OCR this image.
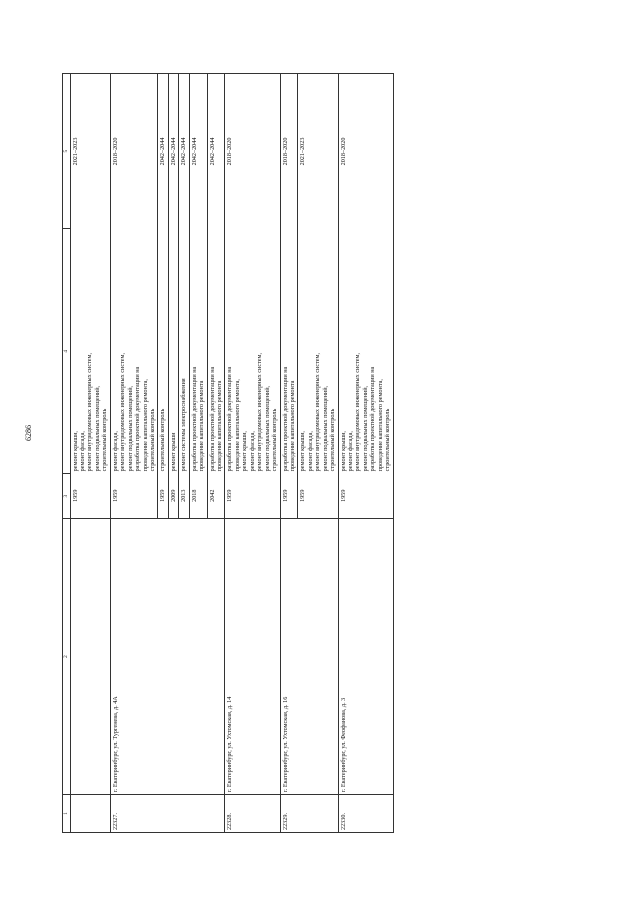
6286
1	2	3	4	5

1959	
ремонт крыши, ремонт фасада, ремонт внутридомовых инженерных систем, ремонт подвальных помещений, строительный контроль
	2021–2023

22327.	г. Екатеринбург, ул. Тургенева, д. 4А	
1959	
ремонт фасада, ремонт внутридомовых инженерных систем, ремонт подвальных помещений, разработка проектной документации на проведение капитального ремонта, строительный контроль
	2018–2020
1959	
строительный контроль
	2042–2044
2009	
ремонт крыши
	2042–2044
2013	
ремонт системы электроснабжения
	2042–2044
2018	
разработка проектной документации на проведение капитального ремонта
	2042–2044
2042	
разработка проектной документации на проведение капитального ремонта
	2042–2044

22328.	г. Екатеринбург, ул. Ухтомская, д. 14	
1959	
разработка проектной документации на проведение капитального ремонта, ремонт крыши, ремонт фасада, ремонт внутридомовых инженерных систем, ремонт подвальных помещений, строительный контроль
	2018–2020

22329.	г. Екатеринбург, ул. Ухтомская, д. 16	
1959	
разработка проектной документации на проведение капитального ремонта
	2018–2020
1959	
ремонт крыши, ремонт фасада, ремонт внутридомовых инженерных систем, ремонт подвальных помещений, строительный контроль
	2021–2023

22330.	г. Екатеринбург, ул. Феофанова, д. 3	
1959	
ремонт крыши, ремонт фасада, ремонт внутридомовых инженерных систем, ремонт подвальных помещений, разработка проектной документации на проведение капитального ремонта, строительный контроль
	2018–2020
